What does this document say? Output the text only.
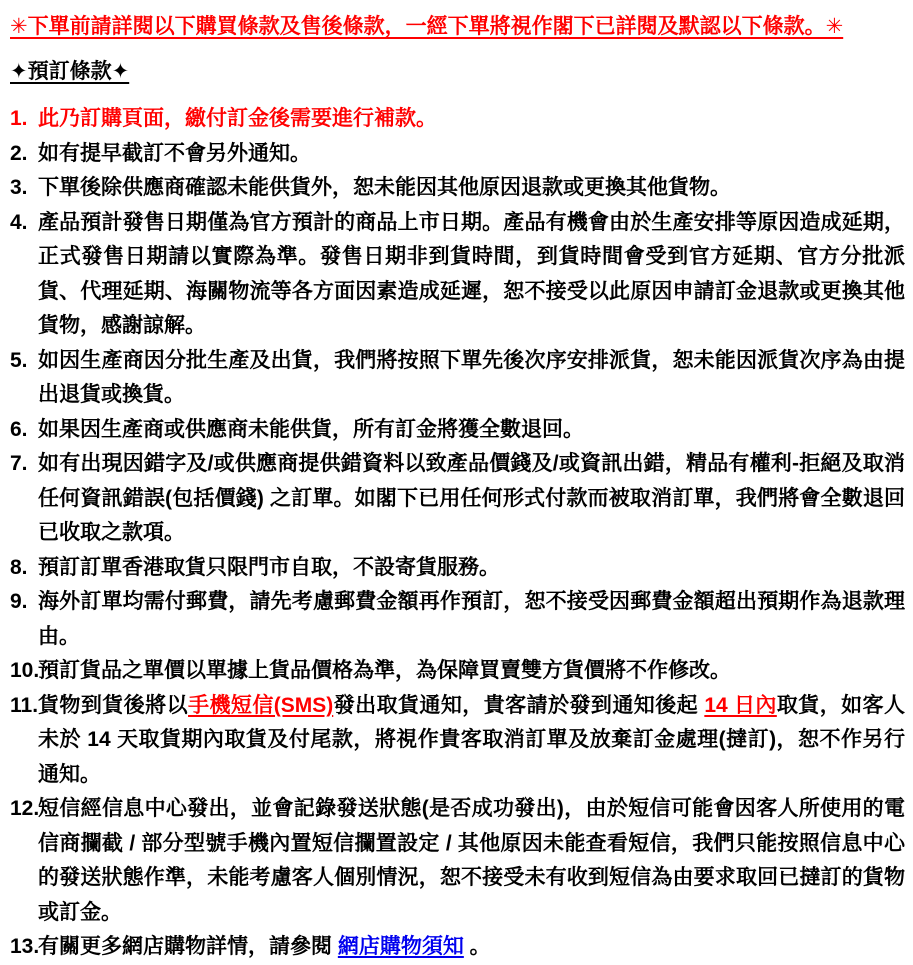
✳下單前請詳閱以下購買條款及售後條款，一經下單將視作閣下已詳閱及默認以下條款。✳
✦預訂條款✦
1. 此乃訂購頁面，繳付訂金後需要進行補款。
2. 如有提早截訂不會另外通知。
3. 下單後除供應商確認未能供貨外，恕未能因其他原因退款或更換其他貨物。
4. 產品預計發售日期僅為官方預計的商品上市日期。產品有機會由於生產安排等原因造成延期，正式發售日期請以實際為準。發售日期非到貨時間，到貨時間會受到官方延期、官方分批派貨、代理延期、海關物流等各方面因素造成延遲，恕不接受以此原因申請訂金退款或更換其他貨物，感謝諒解。
5. 如因生產商因分批生產及出貨，我們將按照下單先後次序安排派貨，恕未能因派貨次序為由提出退貨或換貨。
6. 如果因生產商或供應商未能供貨，所有訂金將獲全數退回。
7. 如有出現因錯字及/或供應商提供錯資料以致產品價錢及/或資訊出錯，精品有權利-拒絕及取消任何資訊錯誤(包括價錢) 之訂單。如閣下已用任何形式付款而被取消訂單，我們將會全數退回已收取之款項。
8. 預訂訂單香港取貨只限門市自取，不設寄貨服務。
9. 海外訂單均需付郵費，請先考慮郵費金額再作預訂，恕不接受因郵費金額超出預期作為退款理由。
10.
預訂貨品之單價以單據上貨品價格為準，為保障買賣雙方貨價將不作修改。
11. 貨物到貨後將以手機短信(SMS)發出取貨通知，貴客請於發到通知後起 14 日內取貨，如客人未於 14 天取貨期內取貨及付尾款，將視作貴客取消訂單及放棄訂金處理(撻訂)，恕不作另行通知。
12.
短信經信息中心發出，並會記錄發送狀態(是否成功發出)，由於短信可能會因客人所使用的電信商攔截 / 部分型號手機內置短信攔置設定 / 其他原因未能查看短信，我們只能按照信息中心的發送狀態作準，未能考慮客人個別情況，恕不接受未有收到短信為由要求取回已撻訂的貨物或訂金。
13.
有關更多網店購物詳情，請參閱 網店購物須知 。
